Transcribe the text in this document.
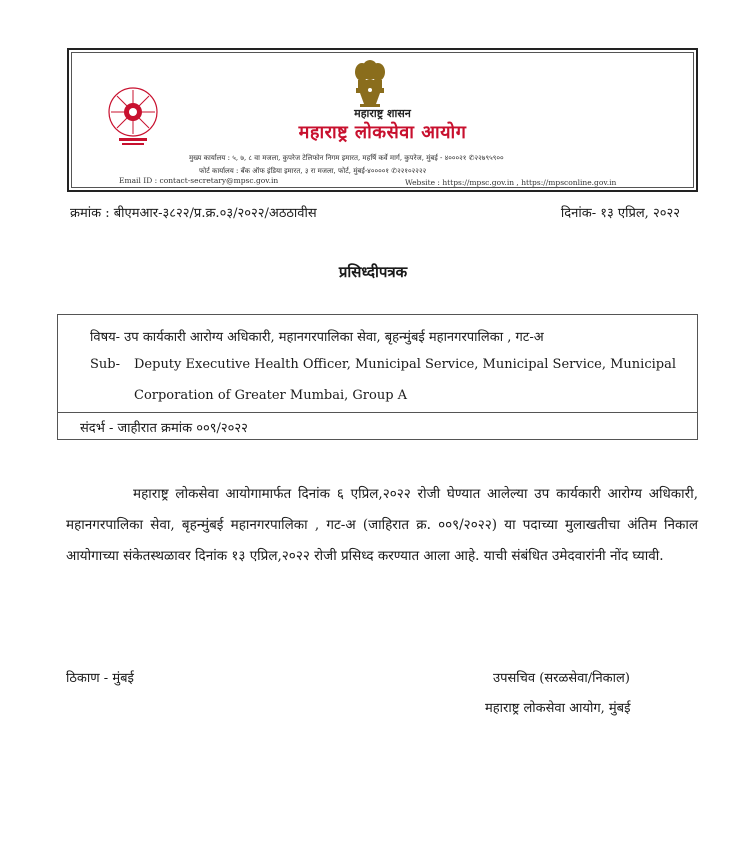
महाराष्ट्र शासन
महाराष्ट्र लोकसेवा आयोग
मुख्य कार्यालय : ५, ७, ८ वा मजला, कुपरेज टेलिफोन निगम इमारत, महर्षि कर्वे मार्ग, कुपरेज, मुंबई - ४०००२१ ✆२२७९५९००
फोर्ट कार्यालय : बँक ऑफ इंडिया इमारत, ३ रा मजला, फोर्ट, मुंबई-४००००१ ✆२२१०२२२२
Email ID : contact-secretary@mpsc.gov.in	Website : https://mpsc.gov.in , https://mpsconline.gov.in
क्रमांक : बीएमआर-३८२२/प्र.क्र.०३/२०२२/अठठावीस	दिनांक- १३ एप्रिल, २०२२
प्रसिध्दीपत्रक
विषय- उप कार्यकारी आरोग्य अधिकारी, महानगरपालिका सेवा, बृहन्मुंबई महानगरपालिका , गट-अ
Sub- Deputy Executive Health Officer, Municipal Service, Municipal Service, Municipal
Corporation of Greater Mumbai, Group A
संदर्भ - जाहीरात क्रमांक ००९/२०२२
महाराष्ट्र लोकसेवा आयोगामार्फत दिनांक ६ एप्रिल,२०२२ रोजी घेण्यात आलेल्या उप कार्यकारी आरोग्य अधिकारी, महानगरपालिका सेवा, बृहन्मुंबई महानगरपालिका , गट-अ (जाहिरात क्र. ००९/२०२२) या पदाच्या मुलाखतीचा अंतिम निकाल आयोगाच्या संकेतस्थळावर दिनांक १३ एप्रिल,२०२२ रोजी प्रसिध्द करण्यात आला आहे. याची संबंधित उमेदवारांनी नोंद घ्यावी.
ठिकाण - मुंबई	उपसचिव (सरळसेवा/निकाल)
महाराष्ट्र लोकसेवा आयोग, मुंबई
